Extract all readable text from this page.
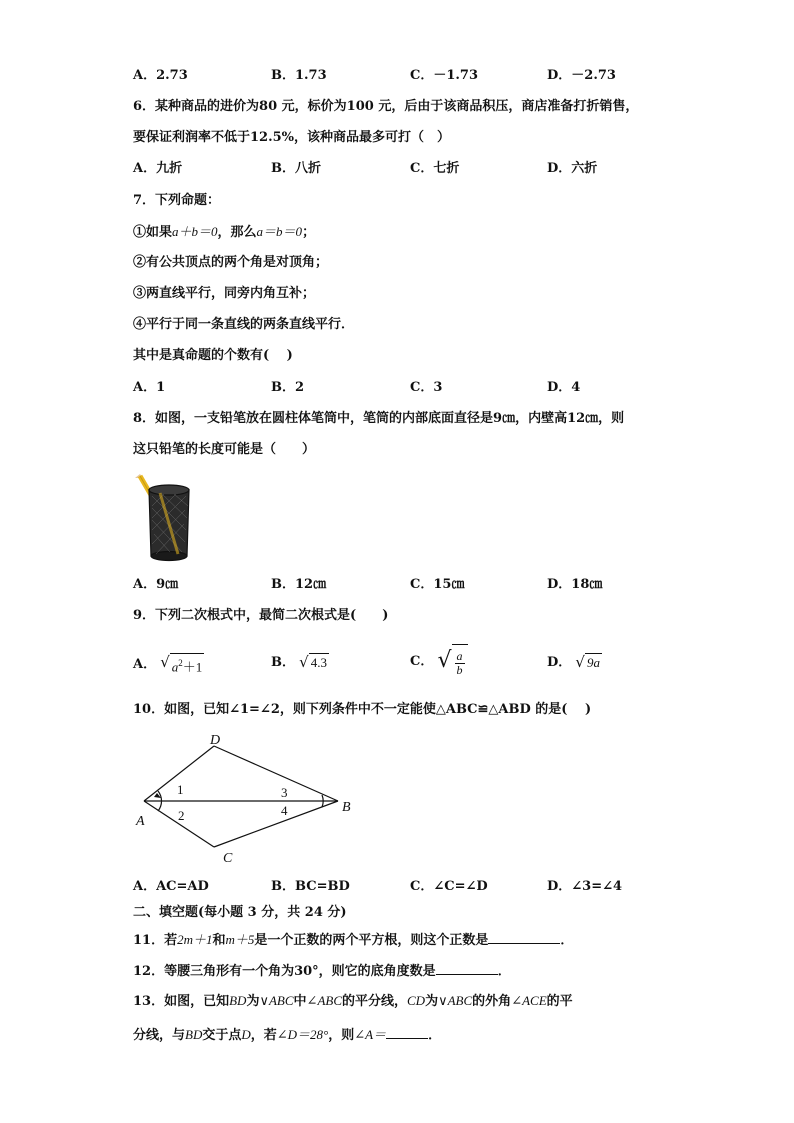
A．2.73	B．1.73	C．－1.73	D．－2.73
6．某种商品的进价为80 元，标价为100 元，后由于该商品积压，商店准备打折销售，
要保证利润率不低于12.5%，该种商品最多可打（　）
A．九折	B．八折	C．七折	D．六折
7．下列命题：
①如果a＋b＝0，那么a＝b＝0；
②有公共顶点的两个角是对顶角；
③两直线平行，同旁内角互补；
④平行于同一条直线的两条直线平行．
其中是真命题的个数有(　 )
A．1	B．2	C．3	D．4
8．如图，一支铅笔放在圆柱体笔筒中，笔筒的内部底面直径是9㎝，内壁高12㎝，则
这只铅笔的长度可能是（　　）
A．9㎝	B．12㎝	C．15㎝	D．18㎝
9．下列二次根式中，最简二次根式是(　　)
A． √ $a^2+1$	B． √ 4.3	C． √ $\frac{a}{b}$	D． √ 9a
10．如图，已知∠1=∠2，则下列条件中不一定能使△ABC≌△ABD 的是(　 )
D
A
B
C
1
2
3
4
A．AC=AD	B．BC=BD	C．∠C=∠D	D．∠3=∠4
二、填空题(每小题 3 分，共 24 分)
11．若2m＋1和m＋5是一个正数的两个平方根，则这个正数是	．
12．等腰三角形有一个角为30°，则它的底角度数是	．
13．如图，已知BD为∨ABC中∠ABC的平分线，CD为∨ABC的外角∠ACE的平
分线，与BD交于点D，若∠D＝28°，则∠A＝	．
